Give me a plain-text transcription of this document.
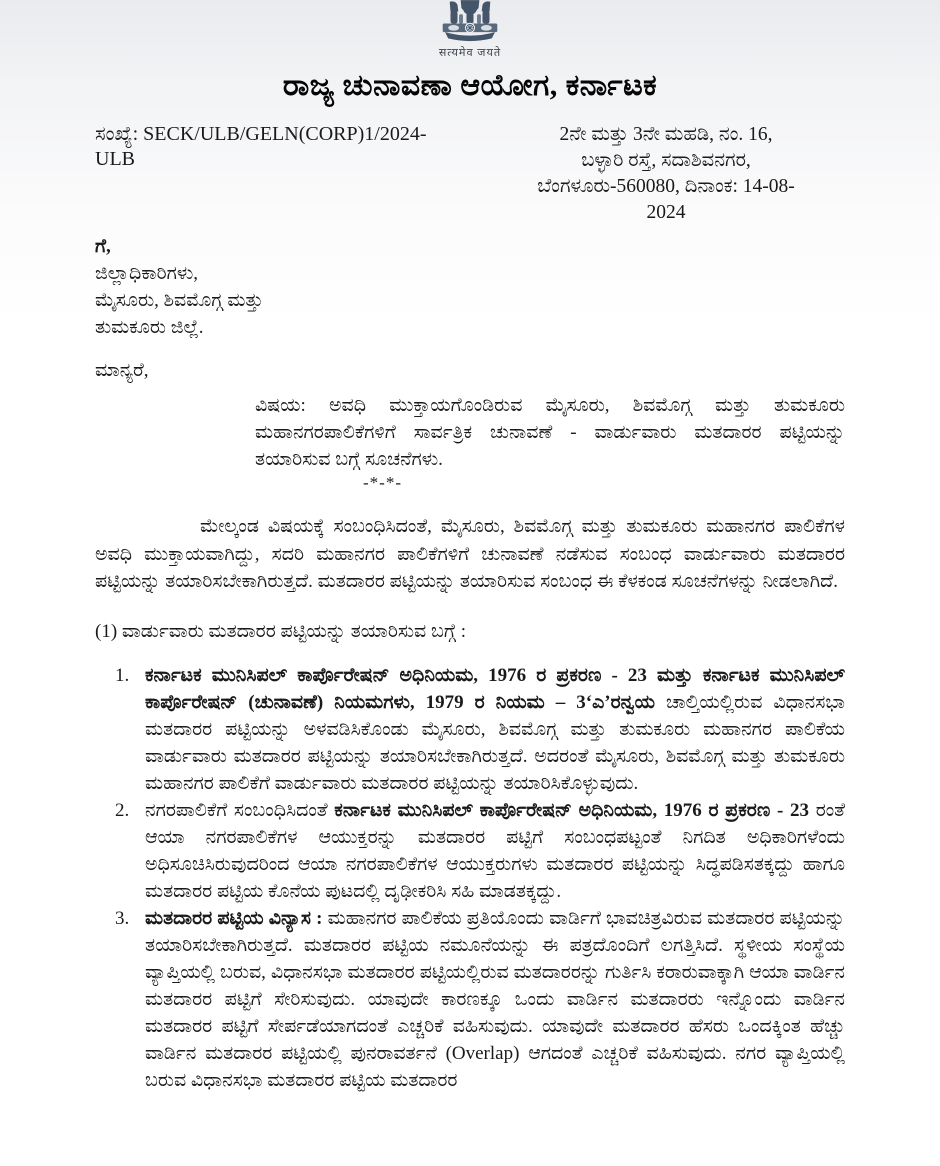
सत्यमेव जयते
ರಾಜ್ಯ ಚುನಾವಣಾ ಆಯೋಗ, ಕರ್ನಾಟಕ
ಸಂಖ್ಯೆ: SECK/ULB/GELN(CORP)1/2024-
ULB
2ನೇ ಮತ್ತು 3ನೇ ಮಹಡಿ, ನಂ. 16,
ಬಳ್ಳಾರಿ ರಸ್ತೆ, ಸದಾಶಿವನಗರ,
ಬೆಂಗಳೂರು-560080, ದಿನಾಂಕ: 14-08-
2024
ಗೆ,
ಜಿಲ್ಲಾಧಿಕಾರಿಗಳು,
ಮೈಸೂರು, ಶಿವಮೊಗ್ಗ ಮತ್ತು
ತುಮಕೂರು ಜಿಲ್ಲೆ.
ಮಾನ್ಯರೆ,
ವಿಷಯ: ಅವಧಿ ಮುಕ್ತಾಯಗೊಂಡಿರುವ ಮೈಸೂರು, ಶಿವಮೊಗ್ಗ ಮತ್ತು ತುಮಕೂರು ಮಹಾನಗರಪಾಲಿಕೆಗಳಿಗೆ ಸಾರ್ವತ್ರಿಕ ಚುನಾವಣೆ - ವಾರ್ಡುವಾರು ಮತದಾರರ ಪಟ್ಟಿಯನ್ನು ತಯಾರಿಸುವ ಬಗ್ಗೆ ಸೂಚನೆಗಳು.
-*-*-

ಮೇಲ್ಕಂಡ ವಿಷಯಕ್ಕೆ ಸಂಬಂಧಿಸಿದಂತೆ, ಮೈಸೂರು, ಶಿವಮೊಗ್ಗ ಮತ್ತು ತುಮಕೂರು ಮಹಾನಗರ ಪಾಲಿಕೆಗಳ ಅವಧಿ ಮುಕ್ತಾಯವಾಗಿದ್ದು, ಸದರಿ ಮಹಾನಗರ ಪಾಲಿಕೆಗಳಿಗೆ ಚುನಾವಣೆ ನಡೆಸುವ ಸಂಬಂಧ ವಾರ್ಡುವಾರು ಮತದಾರರ ಪಟ್ಟಿಯನ್ನು ತಯಾರಿಸಬೇಕಾಗಿರುತ್ತದೆ. ಮತದಾರರ ಪಟ್ಟಿಯನ್ನು ತಯಾರಿಸುವ ಸಂಬಂಧ ಈ ಕೆಳಕಂಡ ಸೂಚನೆಗಳನ್ನು ನೀಡಲಾಗಿದೆ.

(1) ವಾರ್ಡುವಾರು ಮತದಾರರ ಪಟ್ಟಿಯನ್ನು ತಯಾರಿಸುವ ಬಗ್ಗೆ :
1. ಕರ್ನಾಟಕ ಮುನಿಸಿಪಲ್ ಕಾರ್ಪೊರೇಷನ್ ಅಧಿನಿಯಮ, 1976 ರ ಪ್ರಕರಣ - 23 ಮತ್ತು ಕರ್ನಾಟಕ ಮುನಿಸಿಪಲ್ ಕಾರ್ಪೊರೇಷನ್ (ಚುನಾವಣೆ) ನಿಯಮಗಳು, 1979 ರ ನಿಯಮ – 3‘ಎ’ರನ್ವಯ ಚಾಲ್ತಿಯಲ್ಲಿರುವ ವಿಧಾನಸಭಾ ಮತದಾರರ ಪಟ್ಟಿಯನ್ನು ಅಳವಡಿಸಿಕೊಂಡು ಮೈಸೂರು, ಶಿವಮೊಗ್ಗ ಮತ್ತು ತುಮಕೂರು ಮಹಾನಗರ ಪಾಲಿಕೆಯ ವಾರ್ಡುವಾರು ಮತದಾರರ ಪಟ್ಟಿಯನ್ನು ತಯಾರಿಸಬೇಕಾಗಿರುತ್ತದೆ. ಅದರಂತೆ ಮೈಸೂರು, ಶಿವಮೊಗ್ಗ ಮತ್ತು ತುಮಕೂರು ಮಹಾನಗರ ಪಾಲಿಕೆಗೆ ವಾರ್ಡುವಾರು ಮತದಾರರ ಪಟ್ಟಿಯನ್ನು ತಯಾರಿಸಿಕೊಳ್ಳುವುದು.
2. ನಗರಪಾಲಿಕೆಗೆ ಸಂಬಂಧಿಸಿದಂತೆ ಕರ್ನಾಟಕ ಮುನಿಸಿಪಲ್ ಕಾರ್ಪೊರೇಷನ್ ಅಧಿನಿಯಮ, 1976 ರ ಪ್ರಕರಣ - 23 ರಂತೆ ಆಯಾ ನಗರಪಾಲಿಕೆಗಳ ಆಯುಕ್ತರನ್ನು ಮತದಾರರ ಪಟ್ಟಿಗೆ ಸಂಬಂಧಪಟ್ಟಂತೆ ನಿಗದಿತ ಅಧಿಕಾರಿಗಳೆಂದು ಅಧಿಸೂಚಿಸಿರುವುದರಿಂದ ಆಯಾ ನಗರಪಾಲಿಕೆಗಳ ಆಯುಕ್ತರುಗಳು ಮತದಾರರ ಪಟ್ಟಿಯನ್ನು ಸಿದ್ಧಪಡಿಸತಕ್ಕದ್ದು ಹಾಗೂ ಮತದಾರರ ಪಟ್ಟಿಯ ಕೊನೆಯ ಪುಟದಲ್ಲಿ ದೃಢೀಕರಿಸಿ ಸಹಿ ಮಾಡತಕ್ಕದ್ದು.
3. ಮತದಾರರ ಪಟ್ಟಿಯ ವಿನ್ಯಾಸ : ಮಹಾನಗರ ಪಾಲಿಕೆಯ ಪ್ರತಿಯೊಂದು ವಾರ್ಡಿಗೆ ಭಾವಚಿತ್ರವಿರುವ ಮತದಾರರ ಪಟ್ಟಿಯನ್ನು ತಯಾರಿಸಬೇಕಾಗಿರುತ್ತದೆ. ಮತದಾರರ ಪಟ್ಟಿಯ ನಮೂನೆಯನ್ನು ಈ ಪತ್ರದೊಂದಿಗೆ ಲಗತ್ತಿಸಿದೆ. ಸ್ಥಳೀಯ ಸಂಸ್ಥೆಯ ವ್ಯಾಪ್ತಿಯಲ್ಲಿ ಬರುವ, ವಿಧಾನಸಭಾ ಮತದಾರರ ಪಟ್ಟಿಯಲ್ಲಿರುವ ಮತದಾರರನ್ನು ಗುರ್ತಿಸಿ ಕರಾರುವಾಕ್ಕಾಗಿ ಆಯಾ ವಾರ್ಡಿನ ಮತದಾರರ ಪಟ್ಟಿಗೆ ಸೇರಿಸುವುದು. ಯಾವುದೇ ಕಾರಣಕ್ಕೂ ಒಂದು ವಾರ್ಡಿನ ಮತದಾರರು ಇನ್ನೊಂದು ವಾರ್ಡಿನ ಮತದಾರರ ಪಟ್ಟಿಗೆ ಸೇರ್ಪಡೆಯಾಗದಂತೆ ಎಚ್ಚರಿಕೆ ವಹಿಸುವುದು. ಯಾವುದೇ ಮತದಾರರ ಹೆಸರು ಒಂದಕ್ಕಿಂತ ಹೆಚ್ಚು ವಾರ್ಡಿನ ಮತದಾರರ ಪಟ್ಟಿಯಲ್ಲಿ ಪುನರಾವರ್ತನೆ (Overlap) ಆಗದಂತೆ ಎಚ್ಚರಿಕೆ ವಹಿಸುವುದು. ನಗರ ವ್ಯಾಪ್ತಿಯಲ್ಲಿ ಬರುವ ವಿಧಾನಸಭಾ ಮತದಾರರ ಪಟ್ಟಿಯ ಮತದಾರರ
